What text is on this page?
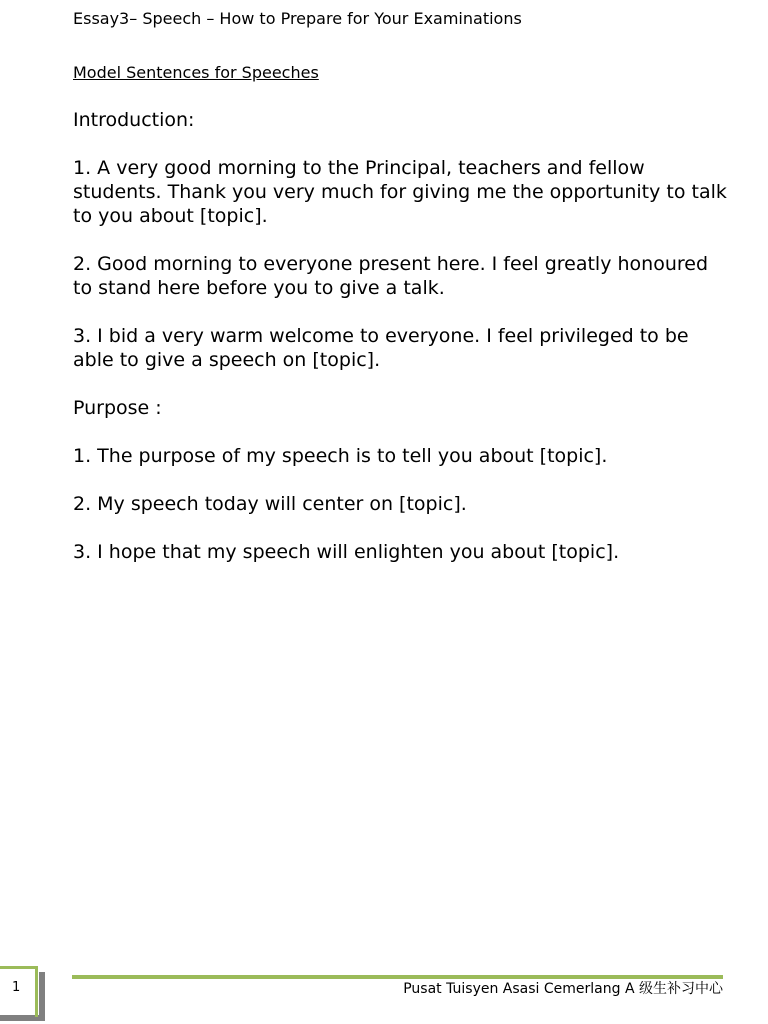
Essay3– Speech – How to Prepare for Your Examinations
Model Sentences for Speeches

Introduction:

1. A very good morning to the Principal, teachers and fellow students. Thank you very much for giving me the opportunity to talk to you about [topic].

2. Good morning to everyone present here. I feel greatly honoured to stand here before you to give a talk.

3. I bid a very warm welcome to everyone. I feel privileged to be able to give a speech on [topic].

Purpose :

1. The purpose of my speech is to tell you about [topic].

2. My speech today will center on [topic].

3. I hope that my speech will enlighten you about [topic].

1	Pusat Tuisyen Asasi Cemerlang A 级生补习中心
